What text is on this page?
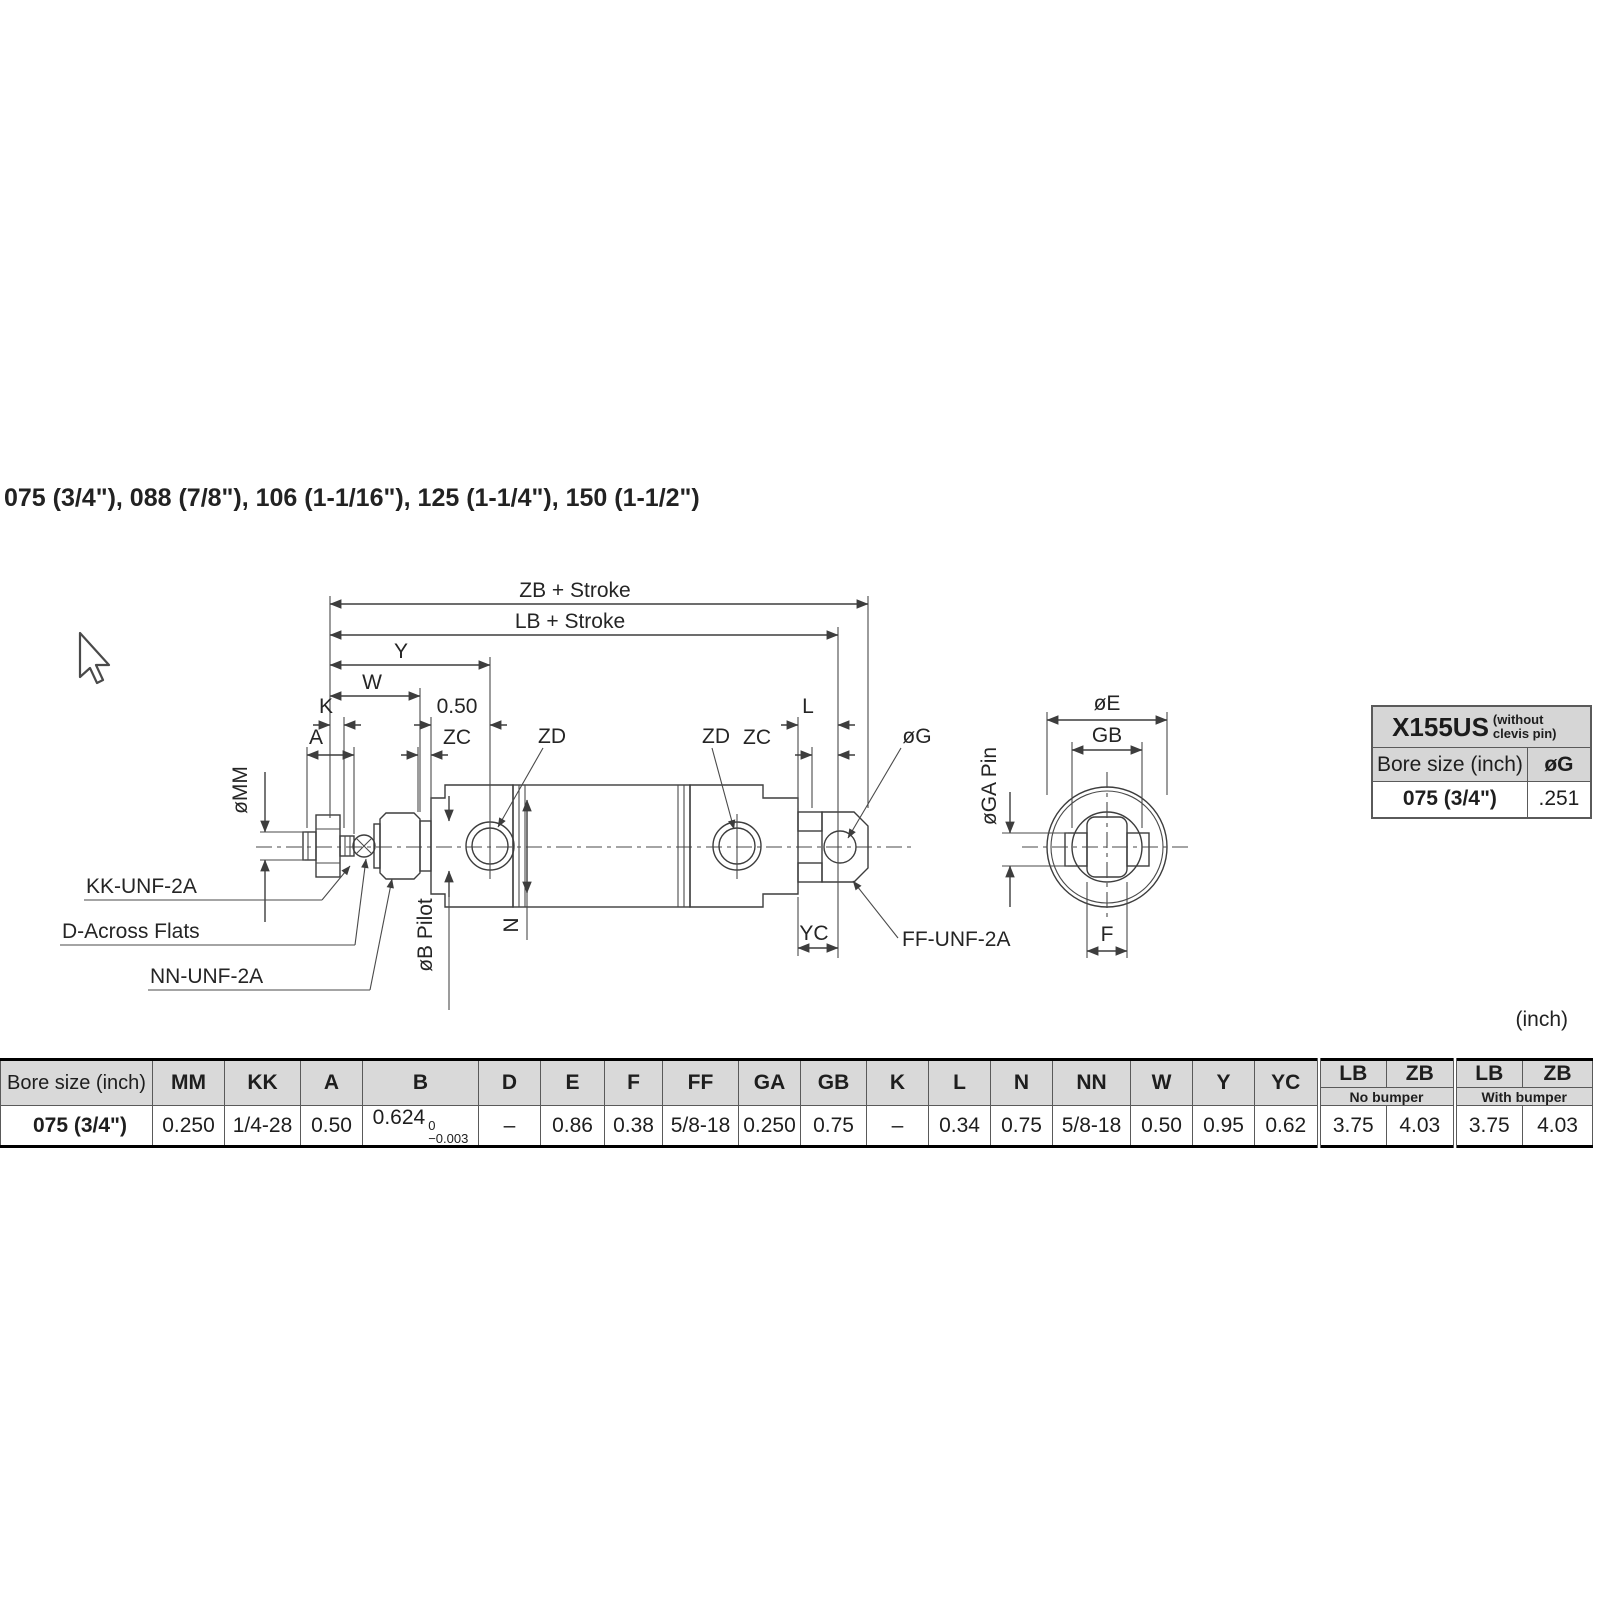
075 (3/4"), 088 (7/8"), 106 (1-1/16"), 125 (1-1/4"), 150 (1-1/2")
ZB + Stroke
LB + Stroke
Y
W
K	0.50
A	ZC	ZD	ZD ZC
L
øG
øMM
KK-UNF-2A
D-Across Flats
NN-UNF-2A
øB Pilot	N	YC	FF-UNF-2A
øE
GB
øGA Pin
F
X155US (without clevis pin)	

Bore size (inch)	øG
075 (3/4")	.251
(inch)
Bore size (inch)	MM	KK	A	B	D	E	F	FF	GA	GB	K	L	N	NN	W	Y	YC	LB	ZB	LB	ZB
																		No bumper		With bumper	
075 (3/4")	0.250	1/4-28	0.50	0.624 0
−0.003	–	0.86	0.38	5/8-18	0.250	0.75	–	0.34	0.75	5/8-18	0.50	0.95	0.62	3.75	4.03	3.75	4.03
